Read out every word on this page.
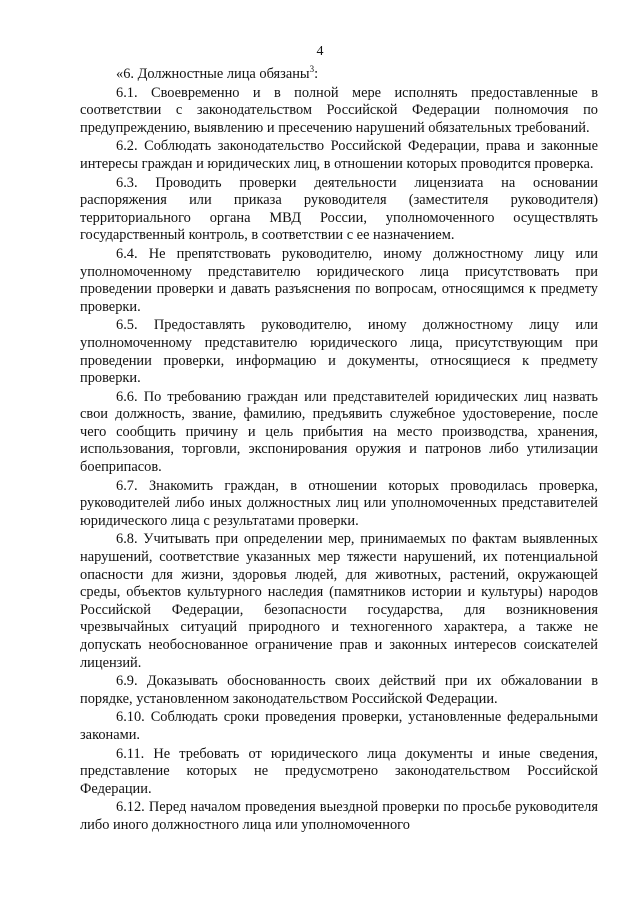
4

«6. Должностные лица обязаны$^3$:

6.1. Своевременно и в полной мере исполнять предоставленные в соответствии с законодательством Российской Федерации полномочия по предупреждению, выявлению и пресечению нарушений обязательных требований.

6.2. Соблюдать законодательство Российской Федерации, права и законные интересы граждан и юридических лиц, в отношении которых проводится проверка.

6.3. Проводить проверки деятельности лицензиата на основании распоряжения или приказа руководителя (заместителя руководителя) территориального органа МВД России, уполномоченного осуществлять государственный контроль, в соответствии с ее назначением.

6.4. Не препятствовать руководителю, иному должностному лицу или уполномоченному представителю юридического лица присутствовать при проведении проверки и давать разъяснения по вопросам, относящимся к предмету проверки.

6.5. Предоставлять руководителю, иному должностному лицу или уполномоченному представителю юридического лица, присутствующим при проведении проверки, информацию и документы, относящиеся к предмету проверки.

6.6. По требованию граждан или представителей юридических лиц назвать свои должность, звание, фамилию, предъявить служебное удостоверение, после чего сообщить причину и цель прибытия на место производства, хранения, использования, торговли, экспонирования оружия и патронов либо утилизации боеприпасов.

6.7. Знакомить граждан, в отношении которых проводилась проверка, руководителей либо иных должностных лиц или уполномоченных представителей юридического лица с результатами проверки.

6.8. Учитывать при определении мер, принимаемых по фактам выявленных нарушений, соответствие указанных мер тяжести нарушений, их потенциальной опасности для жизни, здоровья людей, для животных, растений, окружающей среды, объектов культурного наследия (памятников истории и культуры) народов Российской Федерации, безопасности государства, для возникновения чрезвычайных ситуаций природного и техногенного характера, а также не допускать необоснованное ограничение прав и законных интересов соискателей лицензий.

6.9. Доказывать обоснованность своих действий при их обжаловании в порядке, установленном законодательством Российской Федерации.

6.10. Соблюдать сроки проведения проверки, установленные федеральными законами.

6.11. Не требовать от юридического лица документы и иные сведения, представление которых не предусмотрено законодательством Российской Федерации.

6.12. Перед началом проведения выездной проверки по просьбе руководителя либо иного должностного лица или уполномоченного
